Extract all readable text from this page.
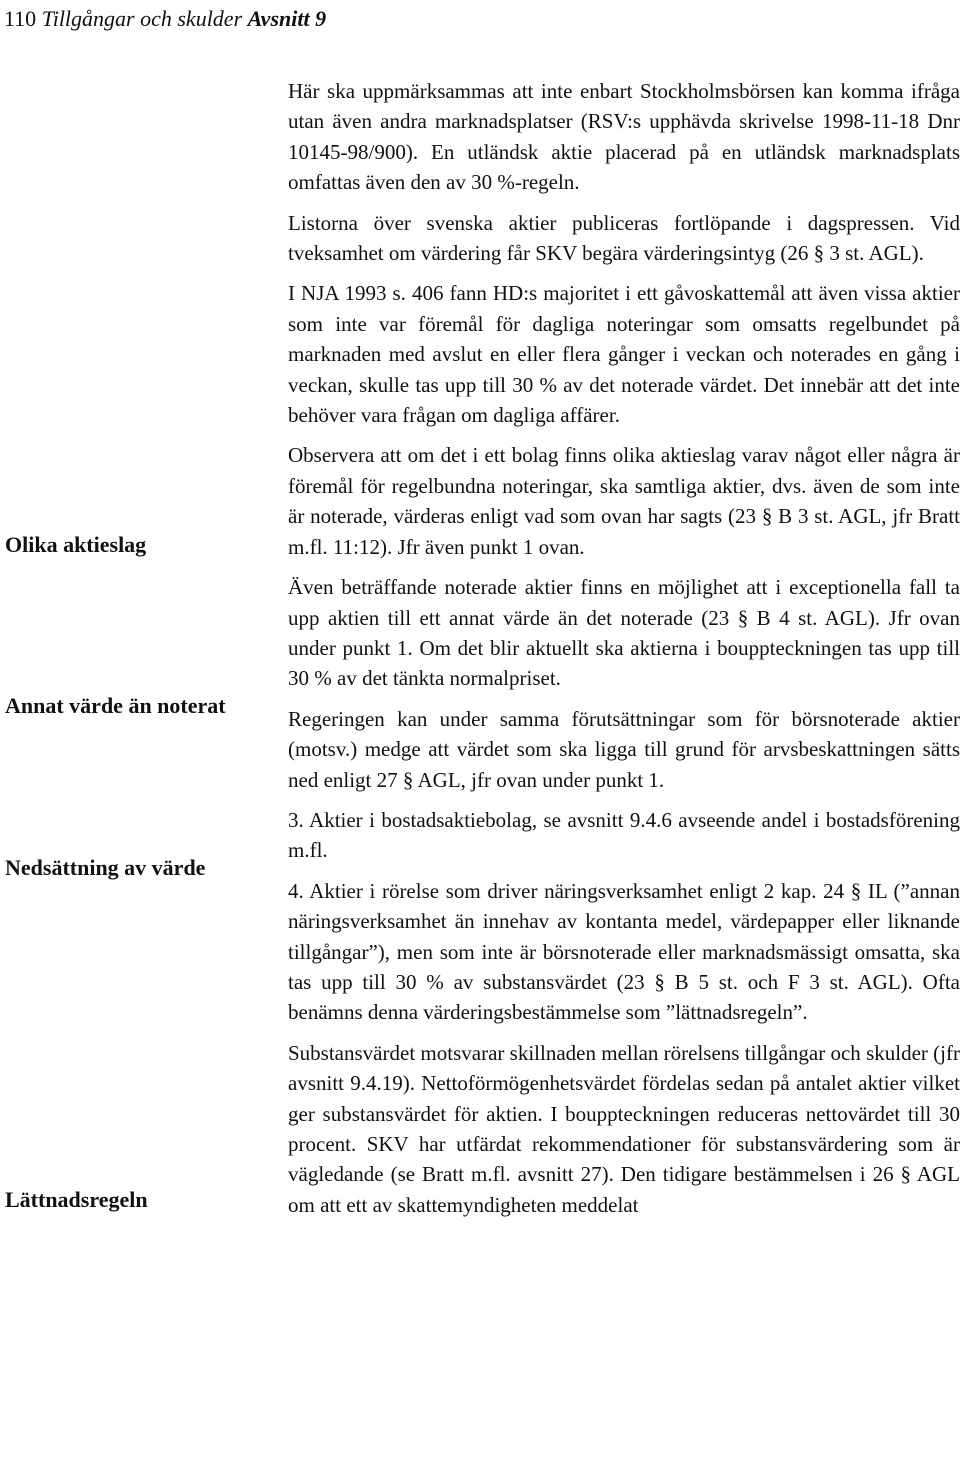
110 Tillgångar och skulder Avsnitt 9
Olika aktieslag
Annat värde än noterat
Nedsättning av värde
Lättnadsregeln

Här ska uppmärksammas att inte enbart Stockholmsbörsen kan komma ifråga utan även andra marknadsplatser (RSV:s upphävda skrivelse 1998-11-18 Dnr 10145-98/900). En utländsk aktie placerad på en utländsk marknadsplats omfattas även den av 30 %-regeln.

Listorna över svenska aktier publiceras fortlöpande i dagspressen. Vid tveksamhet om värdering får SKV begära värderingsintyg (26 § 3 st. AGL).

I NJA 1993 s. 406 fann HD:s majoritet i ett gåvoskattemål att även vissa aktier som inte var föremål för dagliga noteringar som omsatts regelbundet på marknaden med avslut en eller flera gånger i veckan och noterades en gång i veckan, skulle tas upp till 30 % av det noterade värdet. Det innebär att det inte behöver vara frågan om dagliga affärer.

Observera att om det i ett bolag finns olika aktieslag varav något eller några är föremål för regelbundna noteringar, ska samtliga aktier, dvs. även de som inte är noterade, värderas enligt vad som ovan har sagts (23 § B 3 st. AGL, jfr Bratt m.fl. 11:12). Jfr även punkt 1 ovan.

Även beträffande noterade aktier finns en möjlighet att i exceptionella fall ta upp aktien till ett annat värde än det noterade (23 § B 4 st. AGL). Jfr ovan under punkt 1. Om det blir aktuellt ska aktierna i bouppteckningen tas upp till 30 % av det tänkta normalpriset.

Regeringen kan under samma förutsättningar som för börsnoterade aktier (motsv.) medge att värdet som ska ligga till grund för arvsbeskattningen sätts ned enligt 27 § AGL, jfr ovan under punkt 1.

3. Aktier i bostadsaktiebolag, se avsnitt 9.4.6 avseende andel i bostadsförening m.fl.

4. Aktier i rörelse som driver näringsverksamhet enligt 2 kap. 24 § IL (”annan näringsverksamhet än innehav av kontanta medel, värdepapper eller liknande tillgångar”), men som inte är börsnoterade eller marknadsmässigt omsatta, ska tas upp till 30 % av substansvärdet (23 § B 5 st. och F 3 st. AGL). Ofta benämns denna värderingsbestämmelse som ”lättnadsregeln”.

Substansvärdet motsvarar skillnaden mellan rörelsens tillgångar och skulder (jfr avsnitt 9.4.19). Nettoförmögenhetsvärdet fördelas sedan på antalet aktier vilket ger substansvärdet för aktien. I bouppteckningen reduceras nettovärdet till 30 procent. SKV har utfärdat rekommendationer för substansvärdering som är vägledande (se Bratt m.fl. avsnitt 27). Den tidigare bestämmelsen i 26 § AGL om att ett av skattemyndigheten meddelat
